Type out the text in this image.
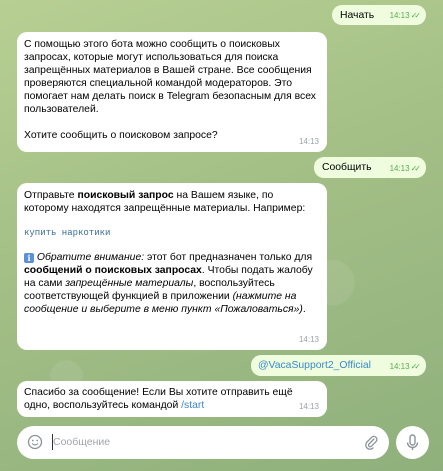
Начать 14:13✓✓
С помощью этого бота можно сообщить о поисковых запросах, которые могут использоваться для поиска запрещённых материалов в Вашей стране. Все сообщения проверяются специальной командой модераторов. Это помогает нам делать поиск в Telegram безопасным для всех пользователей.
Хотите сообщить о поисковом запросе?
14:13
Сообщить 14:13✓✓
Отправьте поисковый запрос на Вашем языке, по которому находятся запрещённые материалы. Например:
купить наркотики
i Обратите внимание: этот бот предназначен только для сообщений о поисковых запросах. Чтобы подать жалобу на сами запрещённые материалы, воспользуйтесь соответствующей функцией в приложении (нажмите на сообщение и выберите в меню пункт «Пожаловаться»).
14:13
@VacaSupport2_Official 14:13✓✓
Спасибо за сообщение! Если Вы хотите отправить ещё одно, воспользуйтесь командой /start	14:13
Сообщение
